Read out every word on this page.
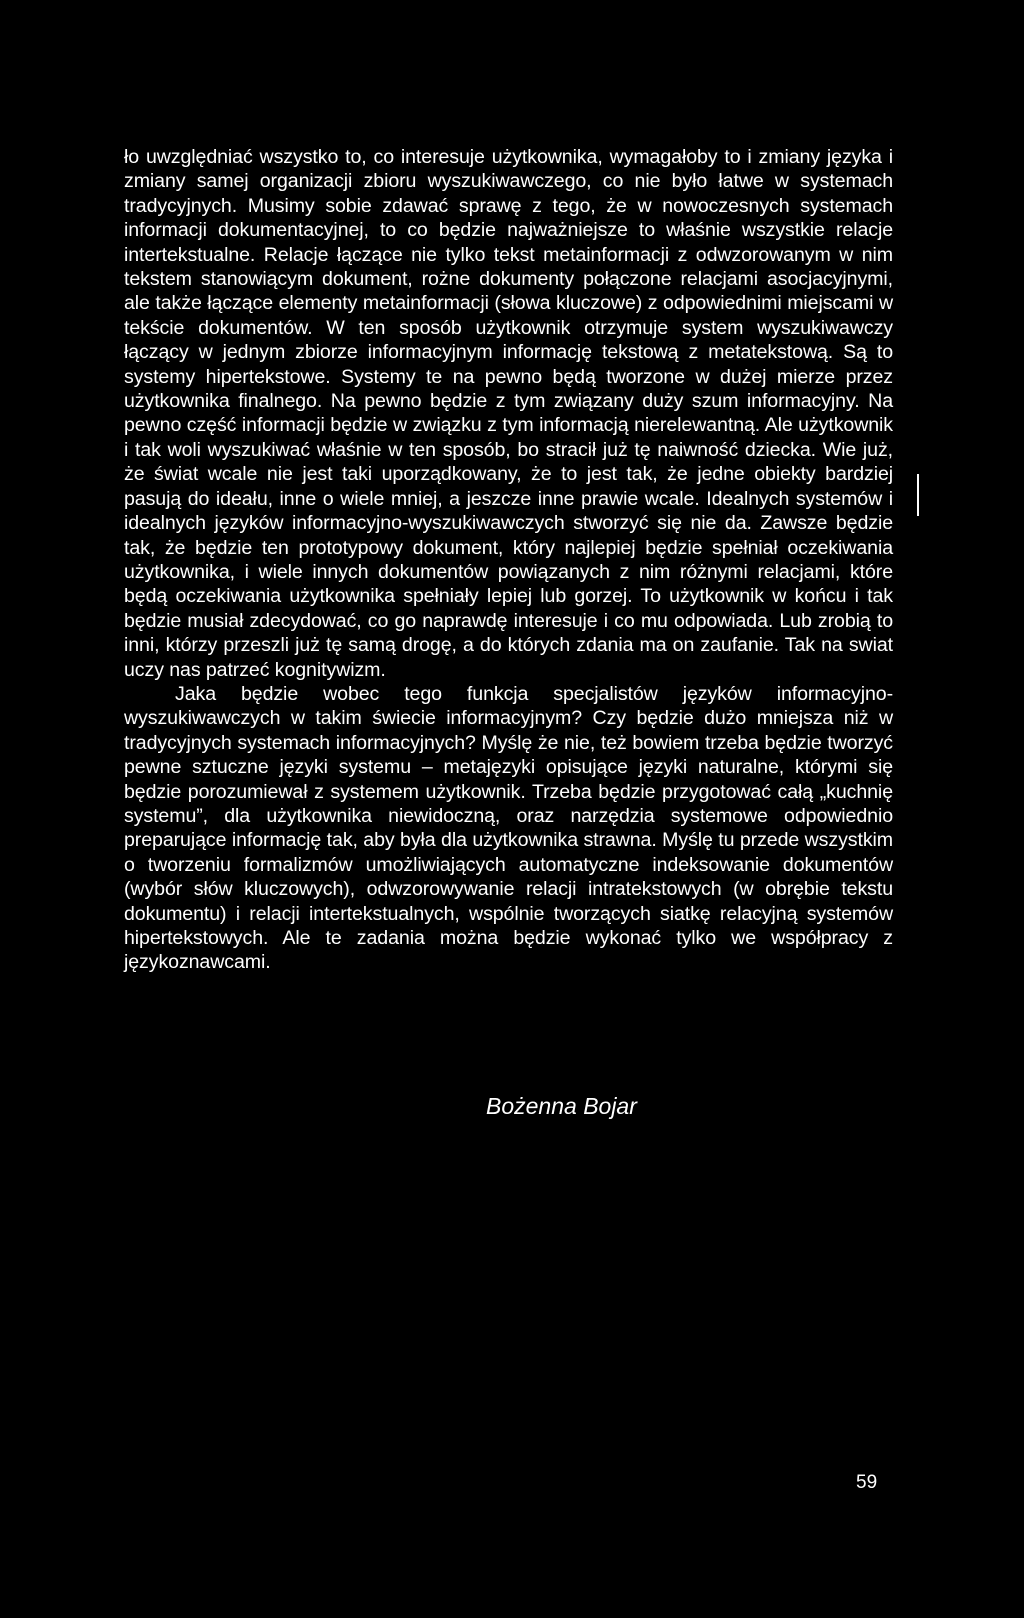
ło uwzględniać wszystko to, co interesuje użytkownika, wymagałoby to i zmiany języka i zmiany samej organizacji zbioru wyszukiwawczego, co nie było łatwe w systemach tradycyjnych. Musimy sobie zdawać sprawę z tego, że w nowoczesnych systemach informacji dokumentacyjnej, to co będzie najważniejsze to właśnie wszystkie relacje intertekstualne. Relacje łączące nie tylko tekst metainformacji z odwzorowanym w nim tekstem stanowiącym dokument, rożne dokumenty połączone relacjami asocjacyjnymi, ale także łączące elementy metainformacji (słowa kluczowe) z odpowiednimi miejscami w tekście dokumentów. W ten sposób użytkownik otrzymuje system wyszukiwawczy łączący w jednym zbiorze informacyjnym informację tekstową z metatekstową. Są to systemy hipertekstowe. Systemy te na pewno będą tworzone w dużej mierze przez użytkownika finalnego. Na pewno będzie z tym związany duży szum informacyjny. Na pewno część informacji będzie w związku z tym informacją nierelewantną. Ale użytkownik i tak woli wyszukiwać właśnie w ten sposób, bo stracił już tę naiwność dziecka. Wie już, że świat wcale nie jest taki uporządkowany, że to jest tak, że jedne obiekty bardziej pasują do ideału, inne o wiele mniej, a jeszcze inne prawie wcale. Idealnych systemów i idealnych języków informacyjno-wyszukiwawczych stworzyć się nie da. Zawsze będzie tak, że będzie ten prototypowy dokument, który najlepiej będzie spełniał oczekiwania użytkownika, i wiele innych dokumentów powiązanych z nim różnymi relacjami, które będą oczekiwania użytkownika spełniały lepiej lub gorzej. To użytkownik w końcu i tak będzie musiał zdecydować, co go naprawdę interesuje i co mu odpowiada. Lub zrobią to inni, którzy przeszli już tę samą drogę, a do których zdania ma on zaufanie. Tak na swiat uczy nas patrzeć kognitywizm.

Jaka będzie wobec tego funkcja specjalistów języków informacyjno-wyszukiwawczych w takim świecie informacyjnym? Czy będzie dużo mniejsza niż w tradycyjnych systemach informacyjnych? Myślę że nie, też bowiem trzeba będzie tworzyć pewne sztuczne języki systemu – metajęzyki opisujące języki naturalne, którymi się będzie porozumiewał z systemem użytkownik. Trzeba będzie przygotować całą „kuchnię systemu”, dla użytkownika niewidoczną, oraz narzędzia systemowe odpowiednio preparujące informację tak, aby była dla użytkownika strawna. Myślę tu przede wszystkim o tworzeniu formalizmów umożliwiających automatyczne indeksowanie dokumentów (wybór słów kluczowych), odwzorowywanie relacji intratekstowych (w obrębie tekstu dokumentu) i relacji intertekstualnych, wspólnie tworzących siatkę relacyjną systemów hipertekstowych. Ale te zadania można będzie wykonać tylko we współpracy z językoznawcami.

Bożenna Bojar
59
